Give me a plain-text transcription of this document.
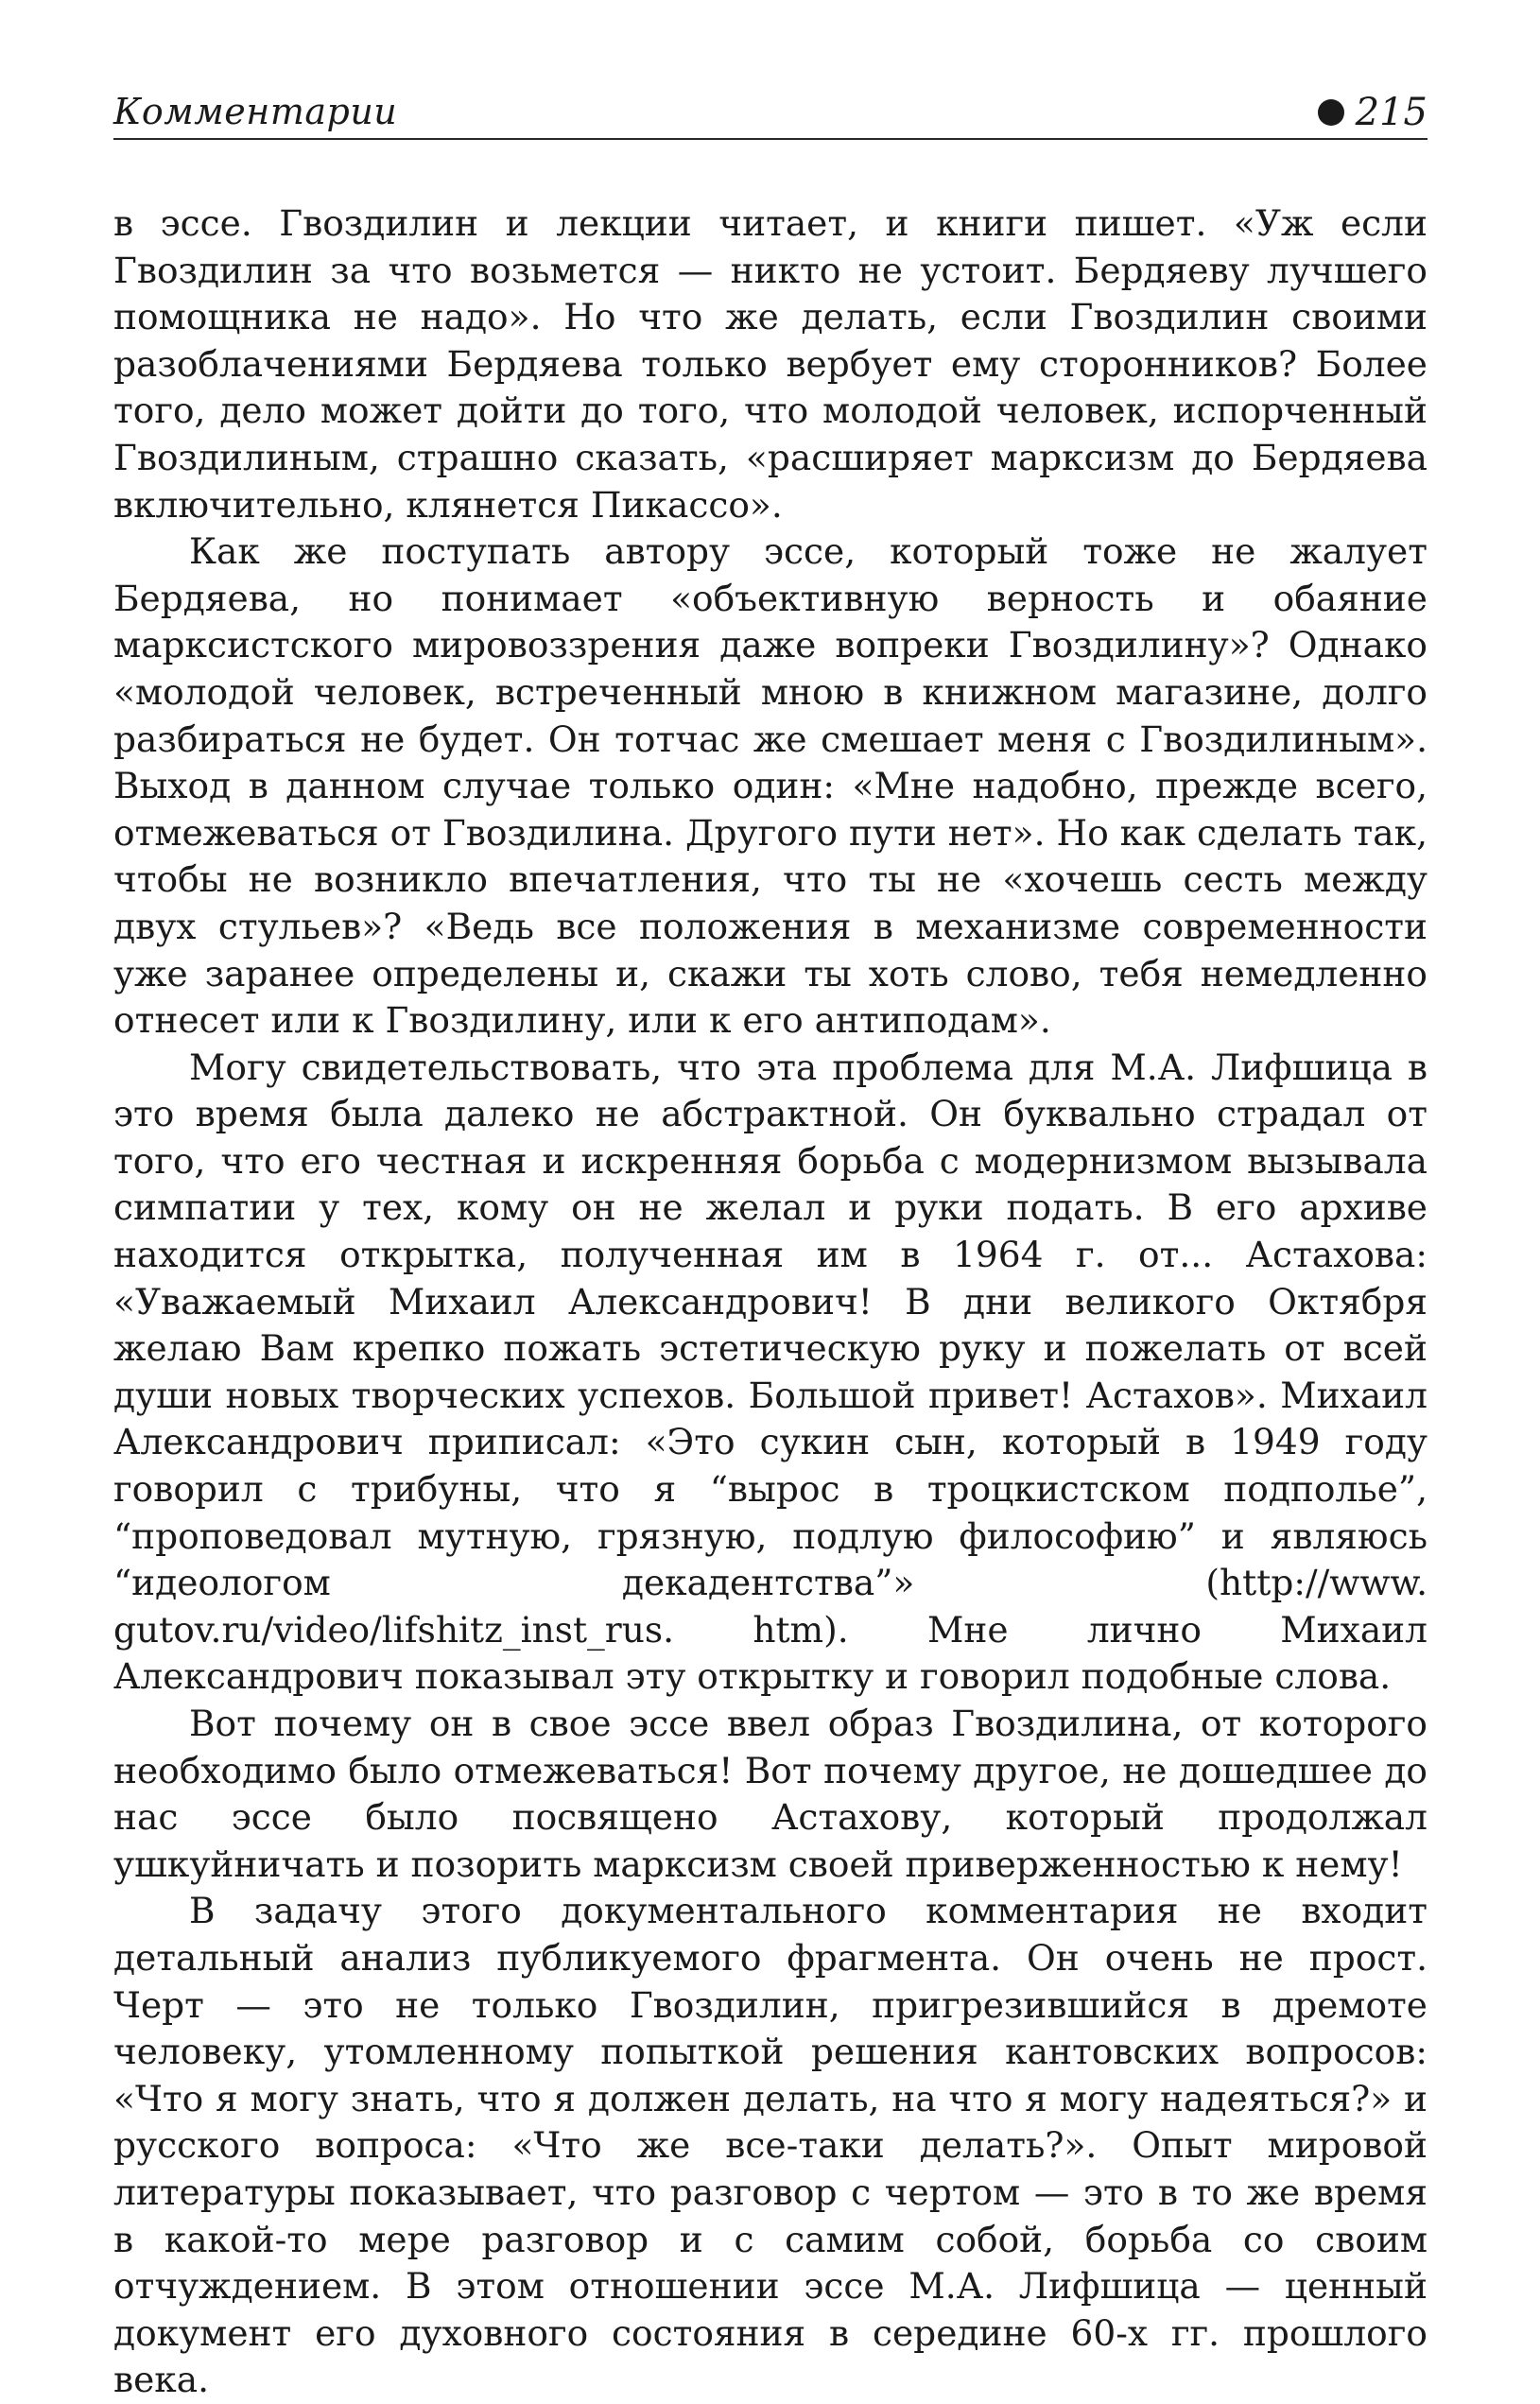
Комментарии	215

в эссе. Гвоздилин и лекции читает, и книги пишет. «Уж если Гвоздилин за что возьмется — никто не устоит. Бердяеву лучшего помощника не надо». Но что же делать, если Гвоздилин своими разоблачениями Бердяева только вербует ему сторонников? Более того, дело может дойти до того, что молодой человек, испорченный Гвоздилиным, страшно сказать, «расширяет марксизм до Бердяева включительно, клянется Пикассо».

Как же поступать автору эссе, который тоже не жалует Бердяева, но понимает «объективную верность и обаяние марксистского мировоззрения даже вопреки Гвоздилину»? Однако «молодой человек, встреченный мною в книжном магазине, долго разбираться не будет. Он тотчас же смешает меня с Гвоздилиным». Выход в данном случае только один: «Мне надобно, прежде всего, отмежеваться от Гвоздилина. Другого пути нет». Но как сделать так, чтобы не возникло впечатления, что ты не «хочешь сесть между двух стульев»? «Ведь все положения в механизме современности уже заранее определены и, скажи ты хоть слово, тебя немедленно отнесет или к Гвоздилину, или к его антиподам».

Могу свидетельствовать, что эта проблема для М.А. Лифшица в это время была далеко не абстрактной. Он буквально страдал от того, что его честная и искренняя борьба с модернизмом вызывала симпатии у тех, кому он не желал и руки подать. В его архиве находится открытка, полученная им в 1964 г. от... Астахова: «Уважаемый Михаил Александрович! В дни великого Октября желаю Вам крепко пожать эстетическую руку и пожелать от всей души новых творческих успехов. Большой привет! Астахов». Михаил Александрович приписал: «Это сукин сын, который в 1949 году говорил с трибуны, что я “вырос в троцкистском подполье”, “проповедовал мутную, грязную, подлую философию” и являюсь “идеологом декадентства”» (http://www. gutov.ru/video/lifshitz_inst_rus. htm). Мне лично Михаил Александрович показывал эту открытку и говорил подобные слова.

Вот почему он в свое эссе ввел образ Гвоздилина, от которого необходимо было отмежеваться! Вот почему другое, не дошедшее до нас эссе было посвящено Астахову, который продолжал ушкуйничать и позорить марксизм своей приверженностью к нему!

В задачу этого документального комментария не входит детальный анализ публикуемого фрагмента. Он очень не прост. Черт — это не только Гвоздилин, пригрезившийся в дремоте человеку, утомленному попыткой решения кантовских вопросов: «Что я могу знать, что я должен делать, на что я могу надеяться?» и русского вопроса: «Что же все-таки делать?». Опыт мировой литературы показывает, что разговор с чертом — это в то же время в какой-то мере разговор и с самим собой, борьба со своим отчуждением. В этом отношении эссе М.А. Лифшица — ценный документ его духовного состояния в середине 60-х гг. прошлого века.
